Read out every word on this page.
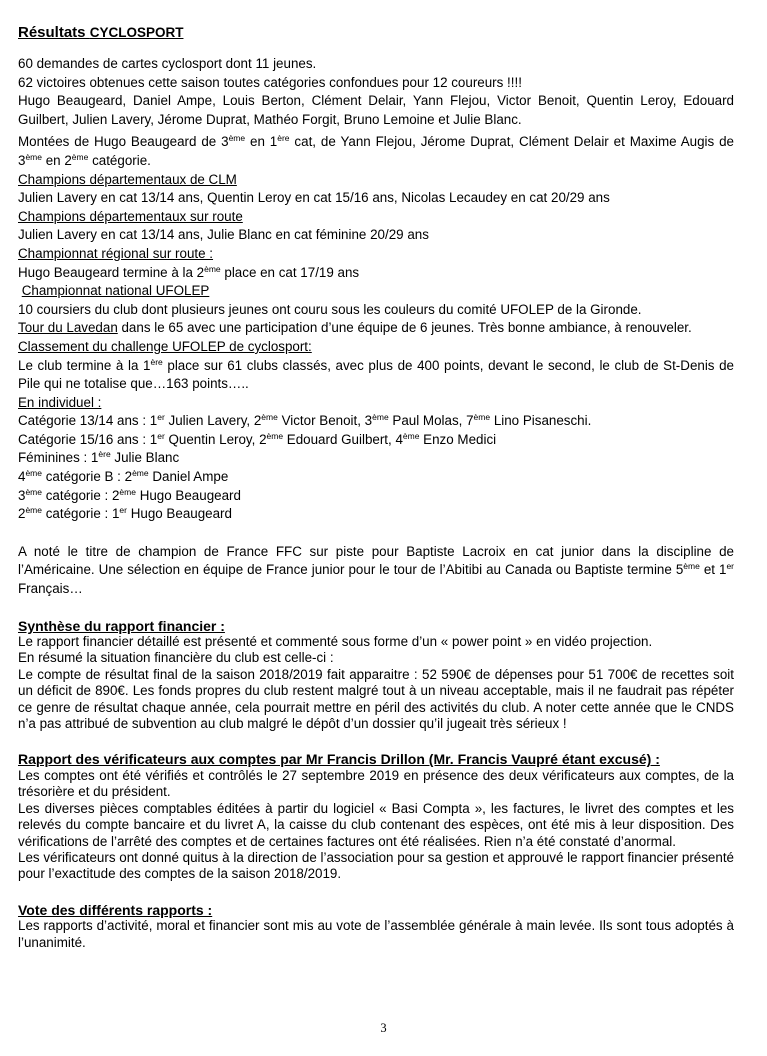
Résultats CYCLOSPORT

60 demandes de cartes cyclosport dont 11 jeunes.

62 victoires obtenues cette saison toutes catégories confondues pour 12 coureurs !!!!

Hugo Beaugeard, Daniel Ampe, Louis Berton, Clément Delair, Yann Flejou, Victor Benoit, Quentin Leroy, Edouard Guilbert, Julien Lavery, Jérome Duprat, Mathéo Forgit, Bruno Lemoine et Julie Blanc.

Montées de Hugo Beaugeard de 3ème en 1ère cat, de Yann Flejou, Jérome Duprat, Clément Delair et Maxime Augis de 3ème en 2ème catégorie.

Champions départementaux de CLM

Julien Lavery en cat 13/14 ans, Quentin Leroy en cat 15/16 ans, Nicolas Lecaudey en cat 20/29 ans

Champions départementaux sur route

Julien Lavery en cat 13/14 ans, Julie Blanc en cat féminine 20/29 ans

Championnat régional sur route :

Hugo Beaugeard termine à la 2ème place en cat 17/19 ans

Championnat national UFOLEP

10 coursiers du club dont plusieurs jeunes ont couru sous les couleurs du comité UFOLEP de la Gironde.

Tour du Lavedan dans le 65 avec une participation d’une équipe de 6 jeunes. Très bonne ambiance, à renouveler.

Classement du challenge UFOLEP de cyclosport:

Le club termine à la 1ère place sur 61 clubs classés, avec plus de 400 points, devant le second, le club de St-Denis de Pile qui ne totalise que…163 points…..

En individuel :

Catégorie 13/14 ans : 1er Julien Lavery, 2ème Victor Benoit, 3ème Paul Molas, 7ème Lino Pisaneschi.

Catégorie 15/16 ans : 1er Quentin Leroy, 2ème Edouard Guilbert, 4ème Enzo Medici

Féminines : 1ère Julie Blanc

4ème catégorie B : 2ème Daniel Ampe

3ème catégorie : 2ème Hugo Beaugeard

2ème catégorie : 1er Hugo Beaugeard

A noté le titre de champion de France FFC sur piste pour Baptiste Lacroix en cat junior dans la discipline de l’Américaine. Une sélection en équipe de France junior pour le tour de l’Abitibi au Canada ou Baptiste termine 5ème et 1er Français…

Synthèse du rapport financier :

Le rapport financier détaillé est présenté et commenté sous forme d’un « power point » en vidéo projection.

En résumé la situation financière du club est celle-ci :

Le compte de résultat final de la saison 2018/2019 fait apparaitre : 52 590€ de dépenses pour 51 700€ de recettes soit un déficit de 890€. Les fonds propres du club restent malgré tout à un niveau acceptable, mais il ne faudrait pas répéter ce genre de résultat chaque année, cela pourrait mettre en péril des activités du club. A noter cette année que le CNDS n’a pas attribué de subvention au club malgré le dépôt d’un dossier qu’il jugeait très sérieux !

Rapport des vérificateurs aux comptes par Mr Francis Drillon (Mr. Francis Vaupré étant excusé) :

Les comptes ont été vérifiés et contrôlés le 27 septembre 2019 en présence des deux vérificateurs aux comptes, de la trésorière et du président.

Les diverses pièces comptables éditées à partir du logiciel « Basi Compta », les factures, le livret des comptes et les relevés du compte bancaire et du livret A, la caisse du club contenant des espèces, ont été mis à leur disposition. Des vérifications de l’arrêté des comptes et de certaines factures ont été réalisées. Rien n’a été constaté d’anormal.

Les vérificateurs ont donné quitus à la direction de l’association pour sa gestion et approuvé le rapport financier présenté pour l’exactitude des comptes de la saison 2018/2019.

Vote des différents rapports :

Les rapports d’activité, moral et financier sont mis au vote de l’assemblée générale à main levée. Ils sont tous adoptés à l’unanimité.

3
